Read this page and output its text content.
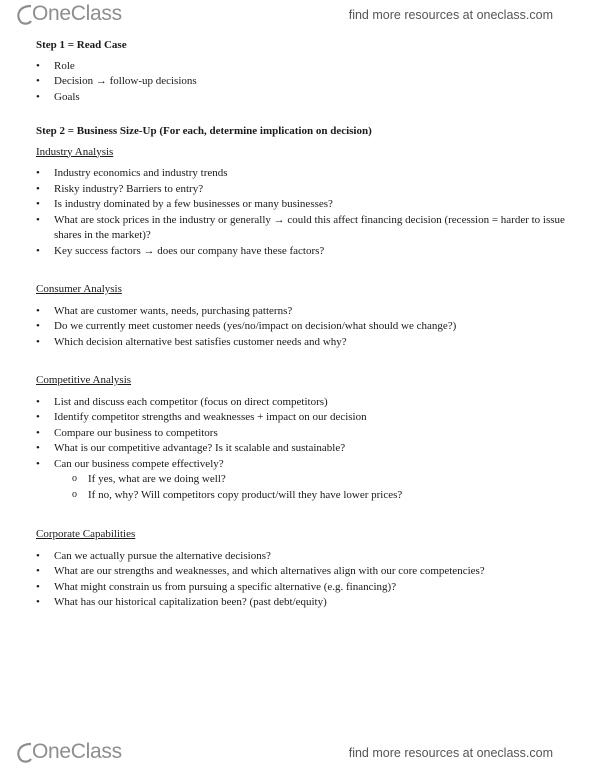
OneClass	find more resources at oneclass.com

Step 1 = Read Case

• Role
• Decision → follow-up decisions
• Goals

Step 2 = Business Size-Up (For each, determine implication on decision)

Industry Analysis

• Industry economics and industry trends
• Risky industry? Barriers to entry?
• Is industry dominated by a few businesses or many businesses?
• What are stock prices in the industry or generally → could this affect financing decision (recession = harder to issue shares in the market)?
• Key success factors → does our company have these factors?

Consumer Analysis

• What are customer wants, needs, purchasing patterns?
• Do we currently meet customer needs (yes/no/impact on decision/what should we change?)
• Which decision alternative best satisfies customer needs and why?

Competitive Analysis

• List and discuss each competitor (focus on direct competitors)
• Identify competitor strengths and weaknesses + impact on our decision
• Compare our business to competitors
• What is our competitive advantage? Is it scalable and sustainable?
• Can our business compete effectively?
o If yes, what are we doing well?
o If no, why? Will competitors copy product/will they have lower prices?

Corporate Capabilities

• Can we actually pursue the alternative decisions?
• What are our strengths and weaknesses, and which alternatives align with our core competencies?
• What might constrain us from pursuing a specific alternative (e.g. financing)?
• What has our historical capitalization been? (past debt/equity)
OneClass	find more resources at oneclass.com
